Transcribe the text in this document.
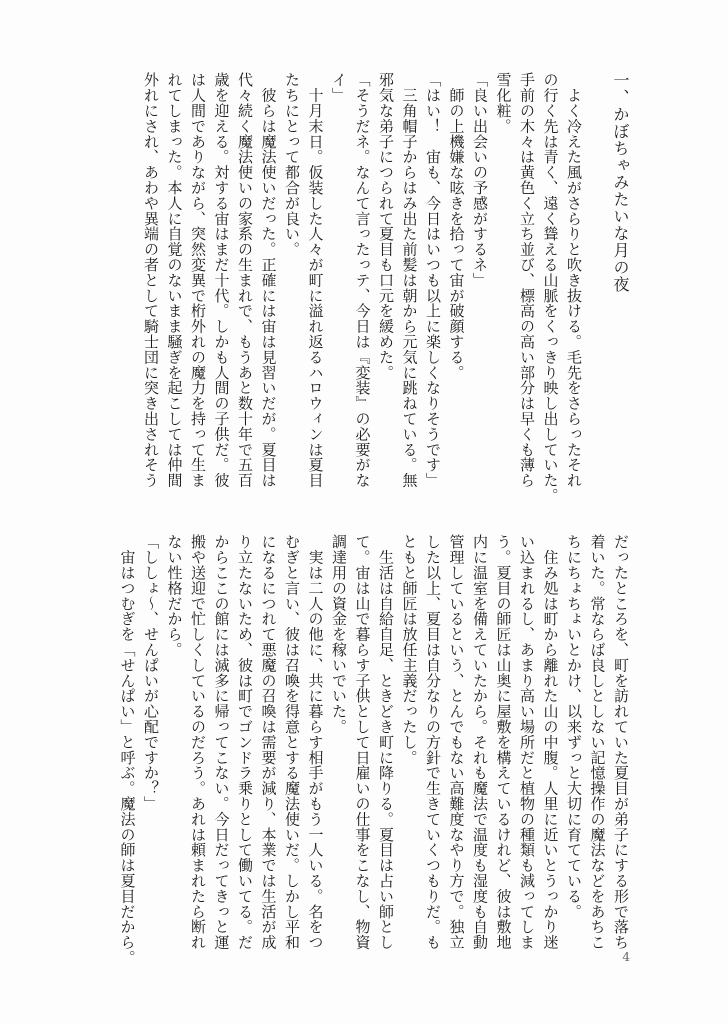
一、かぼちゃみたいな月の夜

　よく冷えた風がさらりと吹き抜ける。毛先をさらったそれ

の行く先は青く、遠く聳える山脈をくっきり映し出していた。

手前の木々は黄色く立ち並び、標高の高い部分は早くも薄ら

雪化粧。

「良い出会いの予感がするネ」

　師の上機嫌な呟きを拾って宙が破顔する。

「はい！　宙も、今日はいつも以上に楽しくなりそうです」

　三角帽子からはみ出た前髪は朝から元気に跳ねている。無

邪気な弟子につられて夏目も口元を緩めた。

「そうだネ。なんて言ったっテ、今日は『変装』の必要がな

イ」

　十月末日。仮装した人々が町に溢れ返るハロウィンは夏目

たちにとって都合が良い。

　彼らは魔法使いだった。正確には宙は見習いだが。夏目は

代々続く魔法使いの家系の生まれで、もうあと数十年で五百

歳を迎える。対する宙はまだ十代。しかも人間の子供だ。彼

は人間でありながら、突然変異で桁外れの魔力を持って生ま

れてしまった。本人に自覚のないまま騒ぎを起こしては仲間

外れにされ、あわや異端の者として騎士団に突き出されそう

だったところを、町を訪れていた夏目が弟子にする形で落ち

着いた。常ならば良しとしない記憶操作の魔法などをあちこ

ちにちょちょいとかけ、以来ずっと大切に育てている。

　住み処は町から離れた山の中腹。人里に近いとうっかり迷

い込まれるし、あまり高い場所だと植物の種類も減ってしま

う。夏目の師匠は山奥に屋敷を構えているけれど、彼は敷地

内に温室を備えていたから。それも魔法で温度も湿度も自動

管理しているという、とんでもない高難度なやり方で。独立

した以上、夏目は自分なりの方針で生きていくつもりだ。も

ともと師匠は放任主義だったし。

　生活は自給自足、ときどき町に降りる。夏目は占い師とし

て。宙は山で暮らす子供として日雇いの仕事をこなし、物資

調達用の資金を稼いでいた。

　実は二人の他に、共に暮らす相手がもう一人いる。名をつ

むぎと言い、彼は召喚を得意とする魔法使いだ。しかし平和

になるにつれて悪魔の召喚は需要が減り、本業では生活が成

り立たないため、彼は町でゴンドラ乗りとして働いてる。だ

からここの館には滅多に帰ってこない。今日だってきっと運

搬や送迎で忙しくしているのだろう。あれは頼まれたら断れ

ない性格だから。

「ししょ〜、せんぱいが心配ですか？」

　宙はつむぎを「せんぱい」と呼ぶ。魔法の師は夏目だから。	4
